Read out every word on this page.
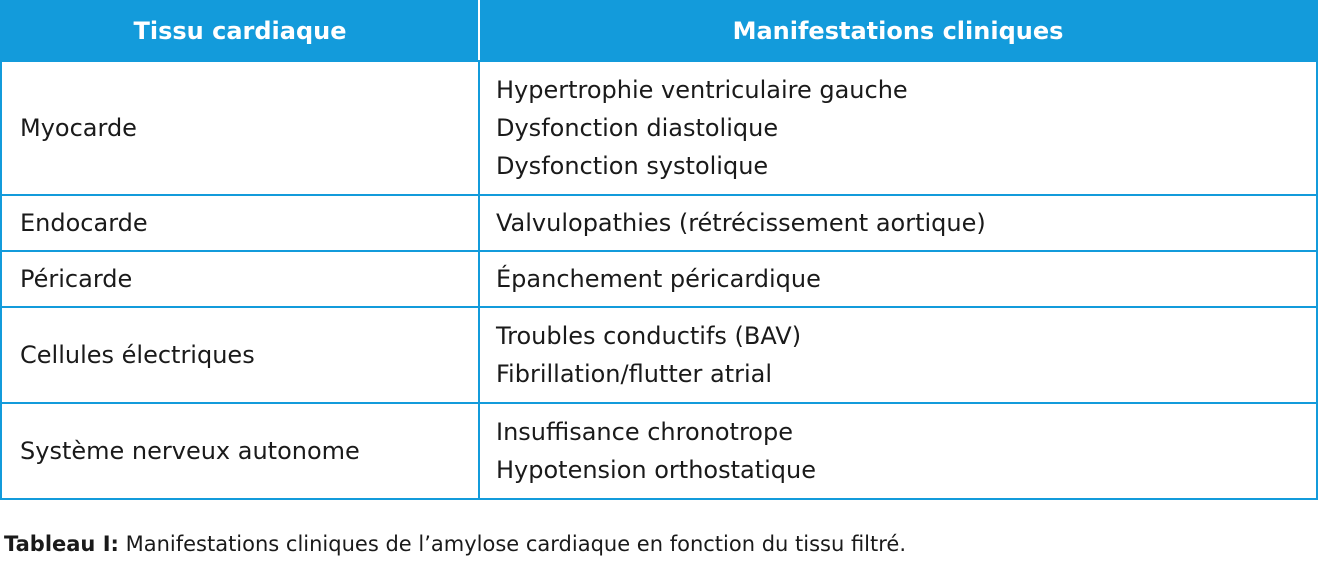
Tissu cardiaque	Manifestations cliniques
Myocarde	Hypertrophie ventriculaire gauche
Dysfonction diastolique
Dysfonction systolique

Endocarde	Valvulopathies (rétrécissement aortique)

Péricarde	Épanchement péricardique

Cellules électriques	Troubles conductifs (BAV)
Fibrillation/flutter atrial

Système nerveux autonome	Insuffisance chronotrope
Hypotension orthostatique
Tableau I: Manifestations cliniques de l’amylose cardiaque en fonction du tissu filtré.
